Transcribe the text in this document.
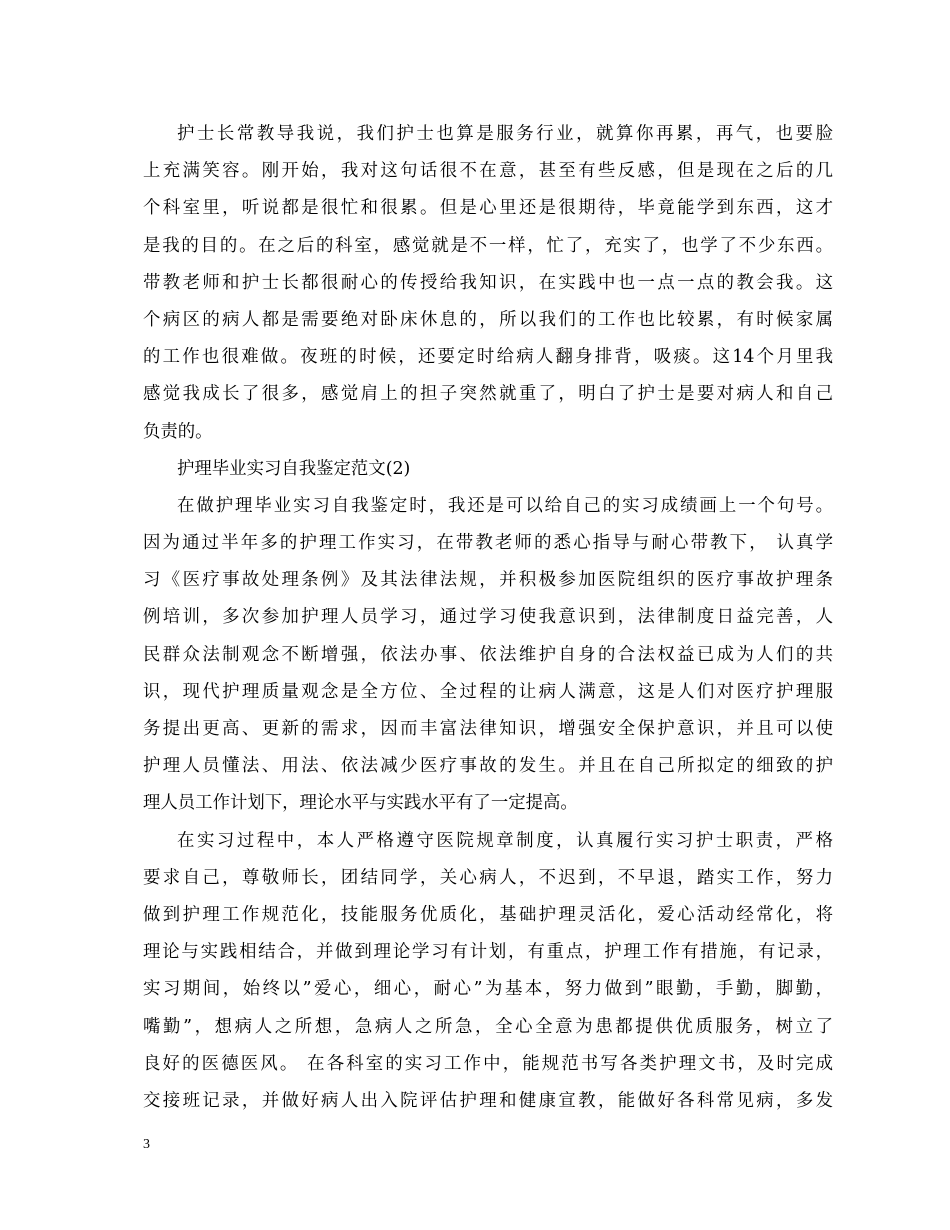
护士长常教导我说，我们护士也算是服务行业，就算你再累，再气，也要脸
上充满笑容。刚开始，我对这句话很不在意，甚至有些反感，但是现在之后的几
个科室里，听说都是很忙和很累。但是心里还是很期待，毕竟能学到东西，这才
是我的目的。在之后的科室，感觉就是不一样，忙了，充实了，也学了不少东西。
带教老师和护士长都很耐心的传授给我知识，在实践中也一点一点的教会我。这
个病区的病人都是需要绝对卧床休息的，所以我们的工作也比较累，有时候家属
的工作也很难做。夜班的时候，还要定时给病人翻身排背，吸痰。这14个月里我
感觉我成长了很多，感觉肩上的担子突然就重了，明白了护士是要对病人和自己
负责的。
护理毕业实习自我鉴定范文(2)
在做护理毕业实习自我鉴定时，我还是可以给自己的实习成绩画上一个句号。
因为通过半年多的护理工作实习，在带教老师的悉心指导与耐心带教下， 认真学
习《医疗事故处理条例》及其法律法规，并积极参加医院组织的医疗事故护理条
例培训，多次参加护理人员学习，通过学习使我意识到，法律制度日益完善，人
民群众法制观念不断增强，依法办事、依法维护自身的合法权益已成为人们的共
识，现代护理质量观念是全方位、全过程的让病人满意，这是人们对医疗护理服
务提出更高、更新的需求，因而丰富法律知识，增强安全保护意识，并且可以使
护理人员懂法、用法、依法减少医疗事故的发生。并且在自己所拟定的细致的护
理人员工作计划下，理论水平与实践水平有了一定提高。
在实习过程中，本人严格遵守医院规章制度，认真履行实习护士职责，严格
要求自己，尊敬师长，团结同学，关心病人，不迟到，不早退，踏实工作，努力
做到护理工作规范化，技能服务优质化，基础护理灵活化，爱心活动经常化，将
理论与实践相结合，并做到理论学习有计划，有重点，护理工作有措施，有记录，
实习期间，始终以”爱心，细心，耐心”为基本，努力做到”眼勤，手勤，脚勤，
嘴勤”，想病人之所想，急病人之所急，全心全意为患都提供优质服务，树立了
良好的医德医风。 在各科室的实习工作中，能规范书写各类护理文书，及时完成
交接班记录，并做好病人出入院评估护理和健康宣教，能做好各科常见病，多发
3
